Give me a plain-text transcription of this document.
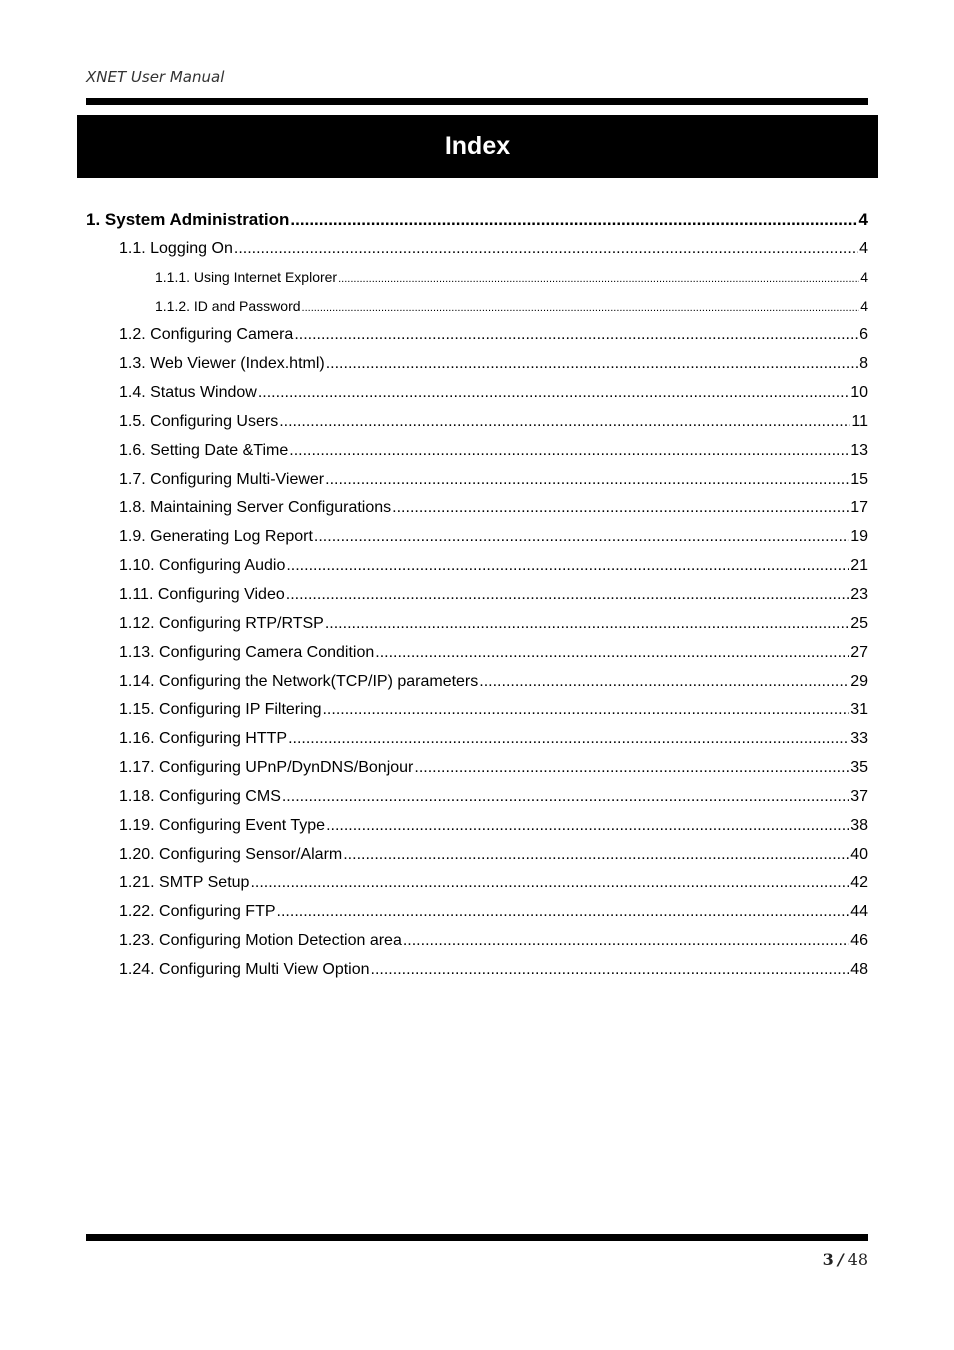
XNET User Manual
Index
1. System Administration .....	4
1.1. Logging On .....	4
1.1.1. Using Internet Explorer .....	4
1.1.2. ID and Password .....	4
1.2. Configuring Camera .....	6
1.3. Web Viewer (Index.html) .....	8
1.4. Status Window .....	10
1.5. Configuring Users .....	11
1.6. Setting Date &Time .....	13
1.7. Configuring Multi-Viewer .....	15
1.8. Maintaining Server Configurations .....	17
1.9. Generating Log Report .....	19
1.10. Configuring Audio .....	21
1.11. Configuring Video .....	23
1.12. Configuring RTP/RTSP .....	25
1.13. Configuring Camera Condition .....	27
1.14. Configuring the Network(TCP/IP) parameters .....	29
1.15. Configuring IP Filtering .....	31
1.16. Configuring HTTP .....	33
1.17. Configuring UPnP/DynDNS/Bonjour .....	35
1.18. Configuring CMS .....	37
1.19. Configuring Event Type .....	38
1.20. Configuring Sensor/Alarm .....	40
1.21. SMTP Setup .....	42
1.22. Configuring FTP .....	44
1.23. Configuring Motion Detection area .....	46
1.24. Configuring Multi View Option .....	48
3 / 48
